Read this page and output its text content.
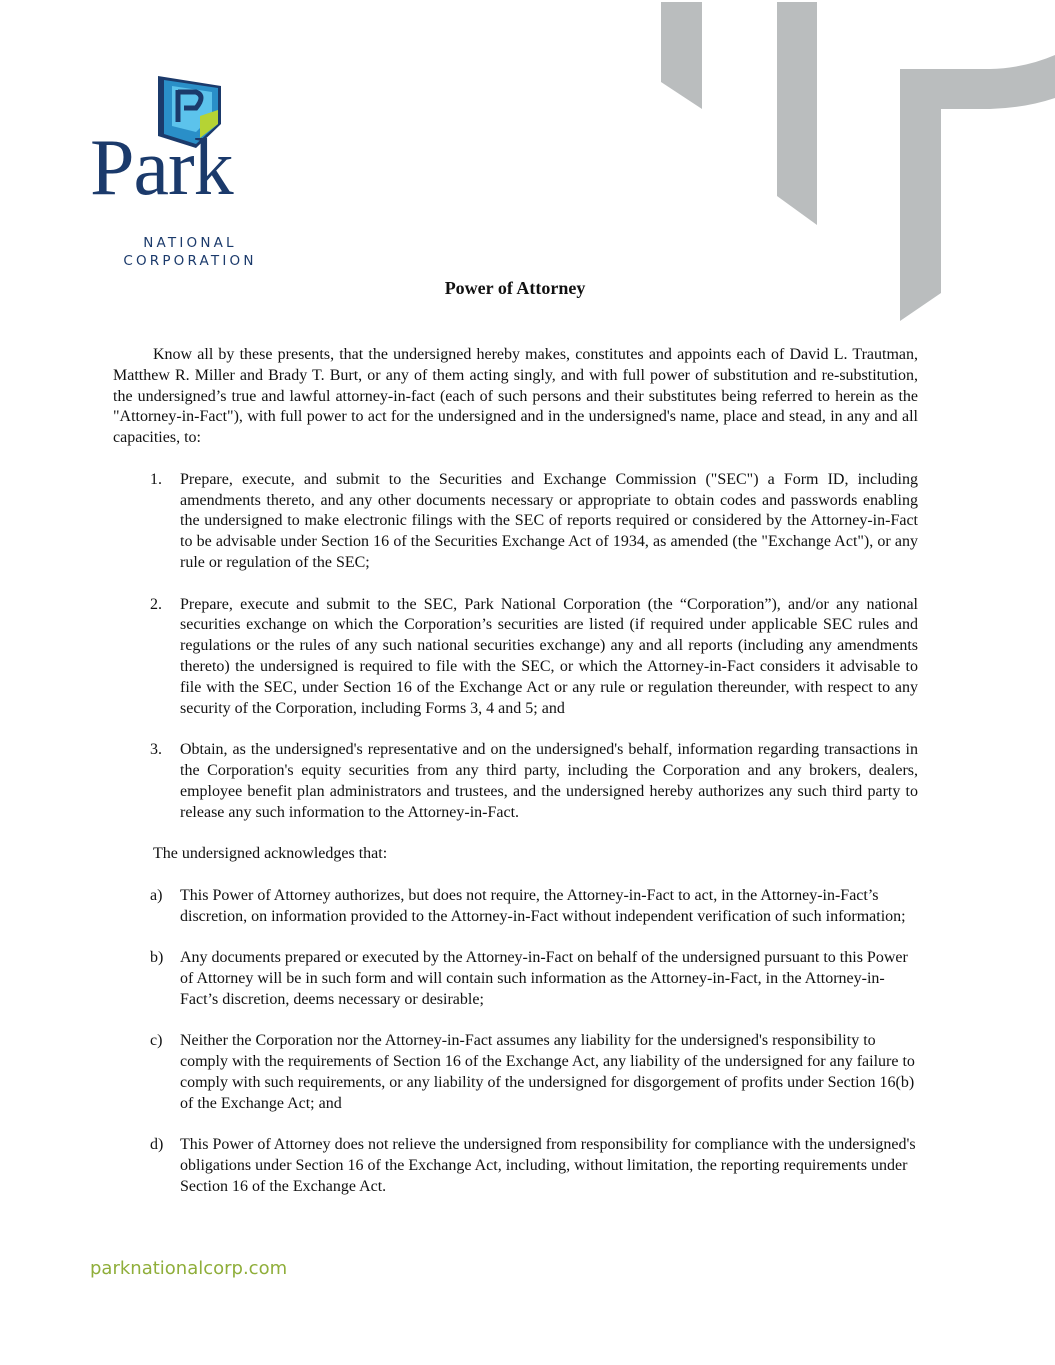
Park
NATIONAL
CORPORATION
Power of Attorney

Know all by these presents, that the undersigned hereby makes, constitutes and appoints each of David L. Trautman, Matthew R. Miller and Brady T. Burt, or any of them acting singly, and with full power of substitution and re-substitution, the undersigned’s true and lawful attorney-in-fact (each of such persons and their substitutes being referred to herein as the "Attorney-in-Fact"), with full power to act for the undersigned and in the undersigned's name, place and stead, in any and all capacities, to:

1.	Prepare, execute, and submit to the Securities and Exchange Commission ("SEC") a Form ID, including amendments thereto, and any other documents necessary or appropriate to obtain codes and passwords enabling the undersigned to make electronic filings with the SEC of reports required or considered by the Attorney-in-Fact to be advisable under Section 16 of the Securities Exchange Act of 1934, as amended (the "Exchange Act"), or any rule or regulation of the SEC;
2.	Prepare, execute and submit to the SEC, Park National Corporation (the “Corporation”), and/or any national securities exchange on which the Corporation’s securities are listed (if required under applicable SEC rules and regulations or the rules of any such national securities exchange) any and all reports (including any amendments thereto) the undersigned is required to file with the SEC, or which the Attorney-in-Fact considers it advisable to file with the SEC, under Section 16 of the Exchange Act or any rule or regulation thereunder, with respect to any security of the Corporation, including Forms 3, 4 and 5; and
3.	Obtain, as the undersigned's representative and on the undersigned's behalf, information regarding transactions in the Corporation's equity securities from any third party, including the Corporation and any brokers, dealers, employee benefit plan administrators and trustees, and the undersigned hereby authorizes any such third party to release any such information to the Attorney-in-Fact.
The undersigned acknowledges that:
a)	This Power of Attorney authorizes, but does not require, the Attorney-in-Fact to act, in the Attorney-in-Fact’s discretion, on information provided to the Attorney-in-Fact without independent verification of such information;
b)	Any documents prepared or executed by the Attorney-in-Fact on behalf of the undersigned pursuant to this Power of Attorney will be in such form and will contain such information as the Attorney-in-Fact, in the Attorney-in-Fact’s discretion, deems necessary or desirable;
c)	Neither the Corporation nor the Attorney-in-Fact assumes any liability for the undersigned's responsibility to comply with the requirements of Section 16 of the Exchange Act, any liability of the undersigned for any failure to comply with such requirements, or any liability of the undersigned for disgorgement of profits under Section 16(b) of the Exchange Act; and
d)	This Power of Attorney does not relieve the undersigned from responsibility for compliance with the undersigned's obligations under Section 16 of the Exchange Act, including, without limitation, the reporting requirements under Section 16 of the Exchange Act.
parknationalcorp.com
